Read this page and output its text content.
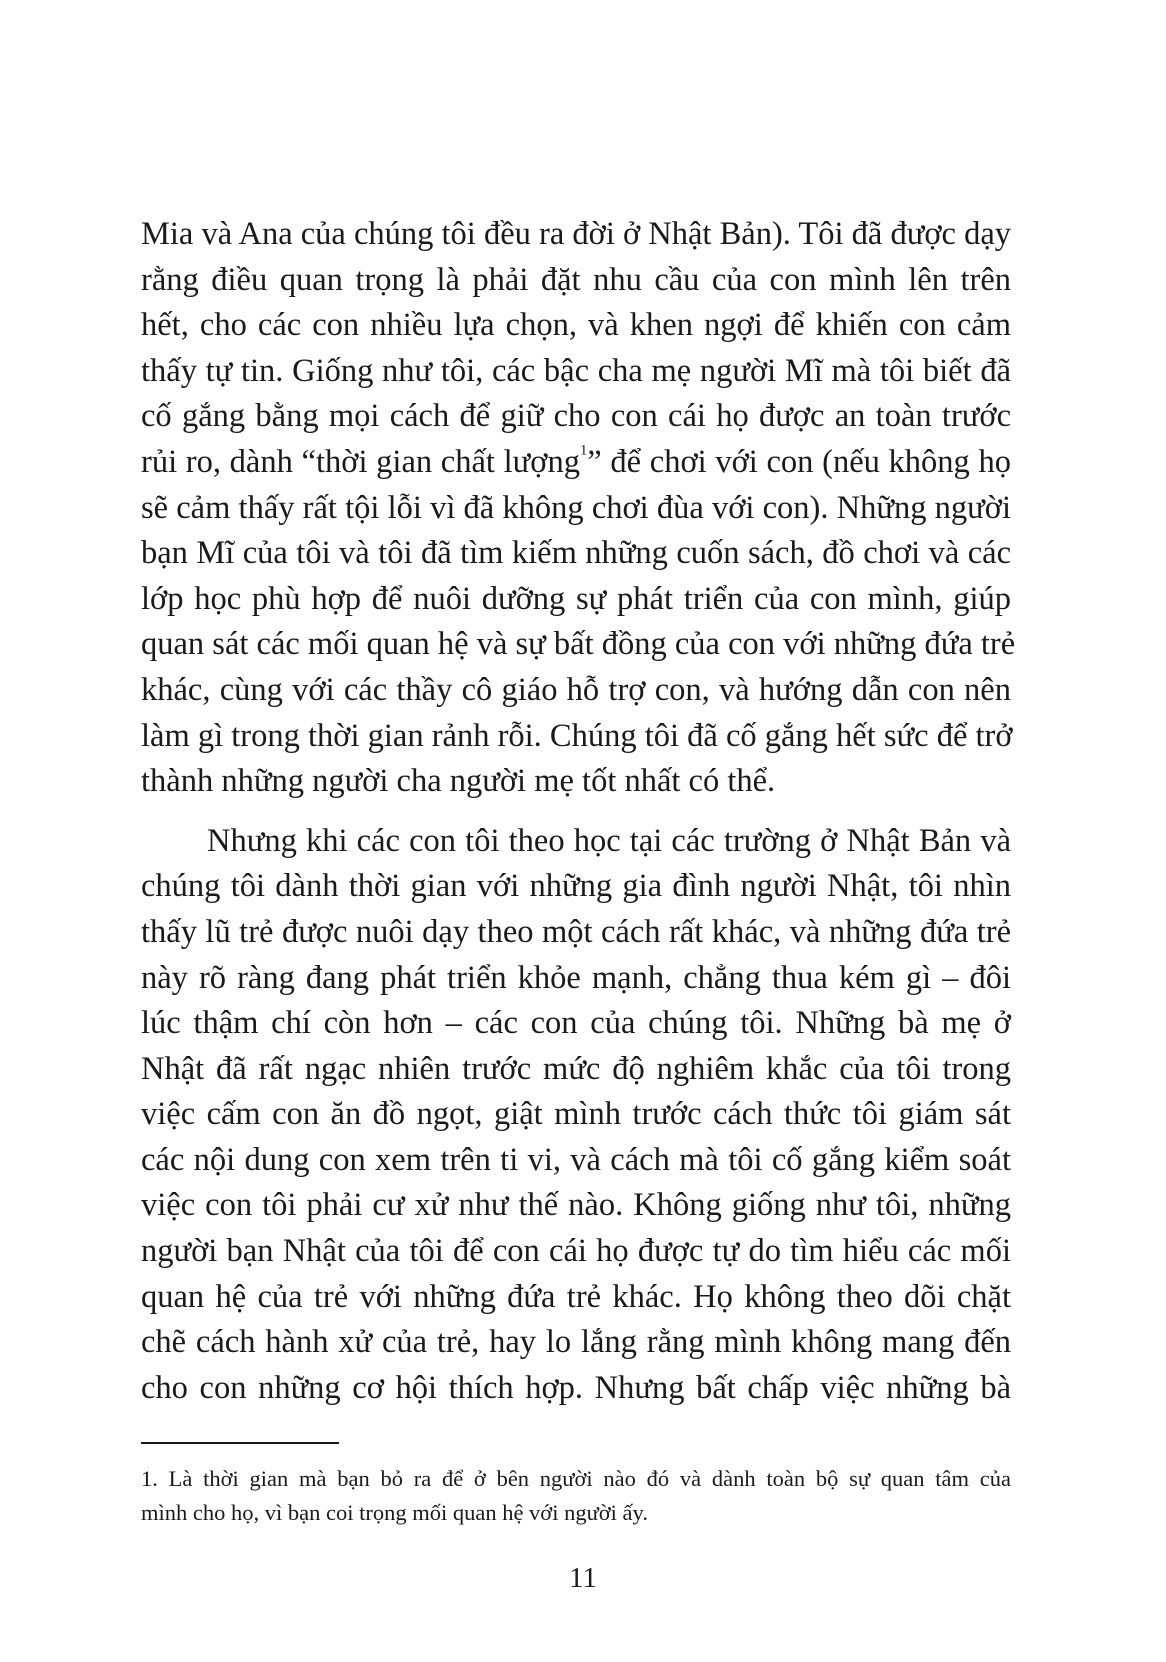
Mia và Ana của chúng tôi đều ra đời ở Nhật Bản). Tôi đã được dạy
rằng điều quan trọng là phải đặt nhu cầu của con mình lên trên
hết, cho các con nhiều lựa chọn, và khen ngợi để khiến con cảm
thấy tự tin. Giống như tôi, các bậc cha mẹ người Mĩ mà tôi biết đã
cố gắng bằng mọi cách để giữ cho con cái họ được an toàn trước
rủi ro, dành “thời gian chất lượng$^1$” để chơi với con (nếu không họ
sẽ cảm thấy rất tội lỗi vì đã không chơi đùa với con). Những người
bạn Mĩ của tôi và tôi đã tìm kiếm những cuốn sách, đồ chơi và các
lớp học phù hợp để nuôi dưỡng sự phát triển của con mình, giúp
quan sát các mối quan hệ và sự bất đồng của con với những đứa trẻ
khác, cùng với các thầy cô giáo hỗ trợ con, và hướng dẫn con nên
làm gì trong thời gian rảnh rỗi. Chúng tôi đã cố gắng hết sức để trở
thành những người cha người mẹ tốt nhất có thể.
Nhưng khi các con tôi theo học tại các trường ở Nhật Bản và
chúng tôi dành thời gian với những gia đình người Nhật, tôi nhìn
thấy lũ trẻ được nuôi dạy theo một cách rất khác, và những đứa trẻ
này rõ ràng đang phát triển khỏe mạnh, chẳng thua kém gì – đôi
lúc thậm chí còn hơn – các con của chúng tôi. Những bà mẹ ở
Nhật đã rất ngạc nhiên trước mức độ nghiêm khắc của tôi trong
việc cấm con ăn đồ ngọt, giật mình trước cách thức tôi giám sát
các nội dung con xem trên ti vi, và cách mà tôi cố gắng kiểm soát
việc con tôi phải cư xử như thế nào. Không giống như tôi, những
người bạn Nhật của tôi để con cái họ được tự do tìm hiểu các mối
quan hệ của trẻ với những đứa trẻ khác. Họ không theo dõi chặt
chẽ cách hành xử của trẻ, hay lo lắng rằng mình không mang đến
cho con những cơ hội thích hợp. Nhưng bất chấp việc những bà
1. Là thời gian mà bạn bỏ ra để ở bên người nào đó và dành toàn bộ sự quan tâm của
mình cho họ, vì bạn coi trọng mối quan hệ với người ấy.
11
